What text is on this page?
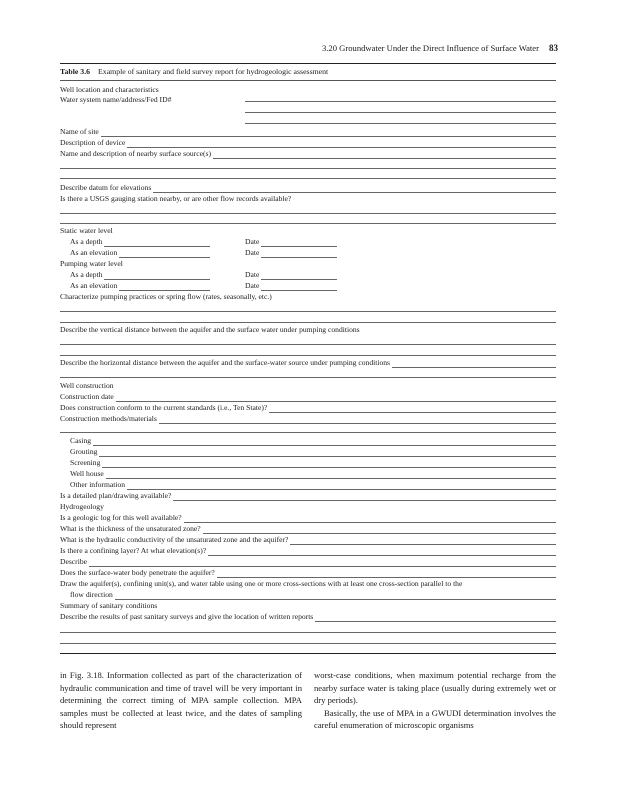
3.20 Groundwater Under the Direct Influence of Surface Water 83
Table 3.6 Example of sanitary and field survey report for hydrogeologic assessment
Well location and characteristics
Water system name/address/Fed ID#
Name of site
Description of device
Name and description of nearby surface source(s)
Describe datum for elevations
Is there a USGS gauging station nearby, or are other flow records available?
Static water level
As a depth	Date
As an elevation	Date
Pumping water level
As a depth	Date
As an elevation	Date
Characterize pumping practices or spring flow (rates, seasonally, etc.)
Describe the vertical distance between the aquifer and the surface water under pumping conditions
Describe the horizontal distance between the aquifer and the surface-water source under pumping conditions
Well construction
Construction date
Does construction conform to the current standards (i.e., Ten State)?
Construction methods/materials
Casing
Grouting
Screening
Well house
Other information
Is a detailed plan/drawing available?
Hydrogeology
Is a geologic log for this well available?
What is the thickness of the unsaturated zone?
What is the hydraulic conductivity of the unsaturated zone and the aquifer?
Is there a confining layer? At what elevation(s)?
Describe
Does the surface-water body penetrate the aquifer?
Draw the aquifer(s), confining unit(s), and water table using one or more cross-sections with at least one cross-section parallel to the
flow direction
Summary of sanitary conditions
Describe the results of past sanitary surveys and give the location of written reports

in Fig. 3.18. Information collected as part of the characterization of hydraulic communication and time of travel will be very important in determining the correct timing of MPA sample collection. MPA samples must be collected at least twice, and the dates of sampling should represent

worst-case conditions, when maximum potential recharge from the nearby surface water is taking place (usually during extremely wet or dry periods).

Basically, the use of MPA in a GWUDI determination involves the careful enumeration of microscopic organisms
